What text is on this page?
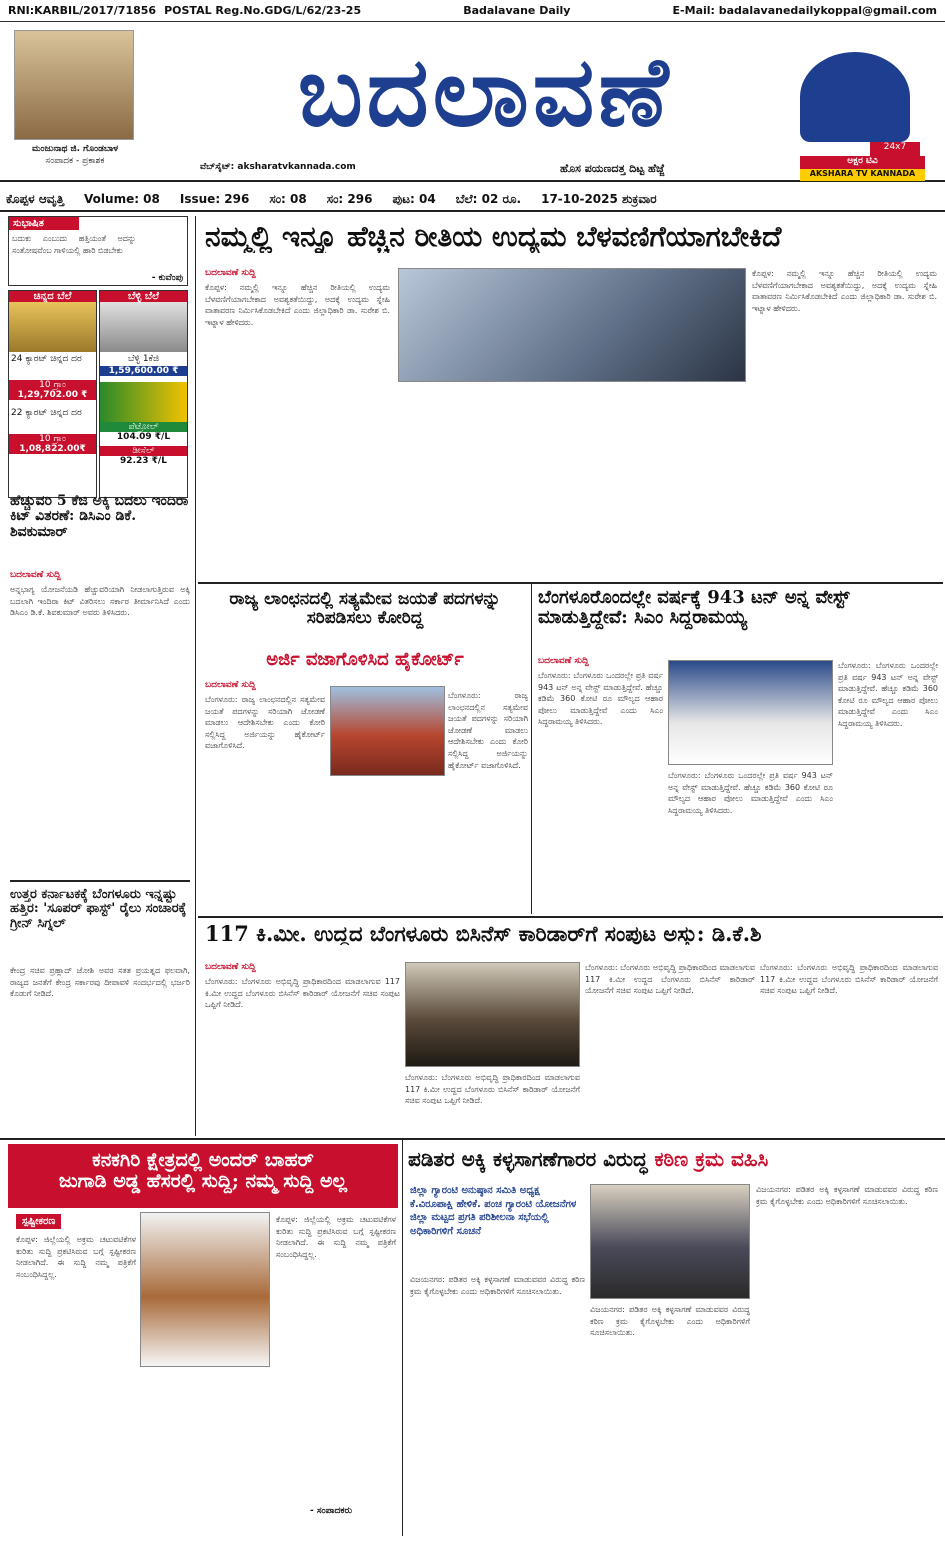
RNI:KARBIL/2017/71856 POSTAL Reg.No.GDG/L/62/23-25	Badalavane Daily	E-Mail: badalavanedailykoppal@gmail.com
ಮಂಜುನಾಥ ಜಿ. ಗೊಂಡಬಾಳ
ಸಂಪಾದಕ - ಪ್ರಕಾಶಕ
ಬದಲಾವಣೆ
ವೆಬ್‌ಸೈಟ್: aksharatvkannada.com	ಹೊಸ ಪಯಣದತ್ತ ದಿಟ್ಟ ಹೆಜ್ಜೆ
24x7
ಅಕ್ಷರ ಟಿವಿ
AKSHARA TV KANNADA
ಕೊಪ್ಪಳ ಆವೃತ್ತಿ Volume: 08 Issue: 296 ಸಂ: 08 ಸಂ: 296 ಪುಟ: 04 ಬೆಲೆ: 02 ರೂ. 17-10-2025 ಶುಕ್ರವಾರ
ಸುಭಾಷಿತ
ಬದುಕು ಎಂಬುದು ಹತ್ತಿಯಂತೆ ಅದನ್ನು ಸಂತೋಷವೆಂಬ ಗಾಳಿಯಲ್ಲಿ ಹಾರಿ ಬಿಡಬೇಕು
- ಕುವೆಂಪು
ಚಿನ್ನದ ಬೆಲೆ
24 ಕ್ಯಾರಟ್ ಚಿನ್ನದ ದರ
10 ಗ್ರಾಂ
1,29,702.00 ₹
22 ಕ್ಯಾರಟ್ ಚಿನ್ನದ ದರ
10 ಗ್ರಾಂ
1,08,822.00₹
ಬೆಳ್ಳಿ ಬೆಲೆ
ಬೆಳ್ಳಿ 1ಕೆಜಿ
1,59,600.00 ₹
ಪೆಟ್ರೋಲ್
104.09 ₹/L
ಡೀಸೆಲ್
92.23 ₹/L
ಹೆಚ್ಚುವರಿ 5 ಕೆಜಿ ಅಕ್ಕಿ ಬದಲು ಇಂದಿರಾ ಕಿಟ್ ವಿತರಣೆ: ಡಿಸಿಎಂ ಡಿಕೆ. ಶಿವಕುಮಾರ್
ಬದಲಾವಣೆ ಸುದ್ದಿ
ಅನ್ನಭಾಗ್ಯ ಯೋಜನೆಯಡಿ ಹೆಚ್ಚುವರಿಯಾಗಿ ನೀಡಲಾಗುತ್ತಿರುವ ಅಕ್ಕಿ ಬದಲಾಗಿ ಇಂದಿರಾ ಕಿಟ್ ವಿತರಿಸಲು ಸರ್ಕಾರ ತೀರ್ಮಾನಿಸಿದೆ ಎಂದು ಡಿಸಿಎಂ ಡಿ.ಕೆ. ಶಿವಕುಮಾರ್ ಅವರು ತಿಳಿಸಿದರು.
ಉತ್ತರ ಕರ್ನಾಟಕಕ್ಕೆ ಬೆಂಗಳೂರು ಇನ್ನಷ್ಟು ಹತ್ತಿರ: 'ಸೂಪರ್ ಫಾಸ್ಟ್' ರೈಲು ಸಂಚಾರಕ್ಕೆ ಗ್ರೀನ್ ಸಿಗ್ನಲ್
ಕೇಂದ್ರ ಸಚಿವ ಪ್ರಹ್ಲಾದ್ ಜೋಶಿ ಅವರ ಸತತ ಪ್ರಯತ್ನದ ಫಲವಾಗಿ, ರಾಜ್ಯದ ಜನತೆಗೆ ಕೇಂದ್ರ ಸರ್ಕಾರವು ದೀಪಾವಳಿ ಸಂದರ್ಭದಲ್ಲಿ ಭರ್ಜರಿ ಕೊಡುಗೆ ನೀಡಿದೆ.
ನಮ್ಮಲ್ಲಿ ಇನ್ನೂ ಹೆಚ್ಚಿನ ರೀತಿಯ ಉದ್ಯಮ ಬೆಳವಣಿಗೆಯಾಗಬೇಕಿದೆ
ಬದಲಾವಣೆ ಸುದ್ದಿ
ಕೊಪ್ಪಳ: ನಮ್ಮಲ್ಲಿ ಇನ್ನೂ ಹೆಚ್ಚಿನ ರೀತಿಯಲ್ಲಿ ಉದ್ಯಮ ಬೆಳವಣಿಗೆಯಾಗಬೇಕಾದ ಅವಶ್ಯಕತೆಯಿದ್ದು, ಅದಕ್ಕೆ ಉದ್ಯಮ ಸ್ನೇಹಿ ವಾತಾವರಣ ನಿರ್ಮಿಸಿಕೊಡಬೇಕಿದೆ ಎಂದು ಜಿಲ್ಲಾಧಿಕಾರಿ ಡಾ. ಸುರೇಶ ಬಿ. ಇಟ್ನಾಳ ಹೇಳಿದರು.
ಕೊಪ್ಪಳ: ನಮ್ಮಲ್ಲಿ ಇನ್ನೂ ಹೆಚ್ಚಿನ ರೀತಿಯಲ್ಲಿ ಉದ್ಯಮ ಬೆಳವಣಿಗೆಯಾಗಬೇಕಾದ ಅವಶ್ಯಕತೆಯಿದ್ದು, ಅದಕ್ಕೆ ಉದ್ಯಮ ಸ್ನೇಹಿ ವಾತಾವರಣ ನಿರ್ಮಿಸಿಕೊಡಬೇಕಿದೆ ಎಂದು ಜಿಲ್ಲಾಧಿಕಾರಿ ಡಾ. ಸುರೇಶ ಬಿ. ಇಟ್ನಾಳ ಹೇಳಿದರು.
ರಾಜ್ಯ ಲಾಂಛನದಲ್ಲಿ ಸತ್ಯಮೇವ ಜಯತೆ ಪದಗಳನ್ನು ಸರಿಪಡಿಸಲು ಕೋರಿದ್ದ
ಅರ್ಜಿ ವಜಾಗೊಳಿಸಿದ ಹೈಕೋರ್ಟ್
ಬದಲಾವಣೆ ಸುದ್ದಿ
ಬೆಂಗಳೂರು: ರಾಜ್ಯ ಲಾಂಛನದಲ್ಲಿನ ಸತ್ಯಮೇವ ಜಯತೆ ಪದಗಳನ್ನು ಸರಿಯಾಗಿ ಜೋಡಣೆ ಮಾಡಲು ಆದೇಶಿಸಬೇಕು ಎಂದು ಕೋರಿ ಸಲ್ಲಿಸಿದ್ದ ಅರ್ಜಿಯನ್ನು ಹೈಕೋರ್ಟ್ ವಜಾಗೊಳಿಸಿದೆ.
ಬೆಂಗಳೂರು: ರಾಜ್ಯ ಲಾಂಛನದಲ್ಲಿನ ಸತ್ಯಮೇವ ಜಯತೆ ಪದಗಳನ್ನು ಸರಿಯಾಗಿ ಜೋಡಣೆ ಮಾಡಲು ಆದೇಶಿಸಬೇಕು ಎಂದು ಕೋರಿ ಸಲ್ಲಿಸಿದ್ದ ಅರ್ಜಿಯನ್ನು ಹೈಕೋರ್ಟ್ ವಜಾಗೊಳಿಸಿದೆ.
ಬೆಂಗಳೂರೊಂದಲ್ಲೇ ವರ್ಷಕ್ಕೆ 943 ಟನ್ ಅನ್ನ ವೇಸ್ಟ್ ಮಾಡುತ್ತಿದ್ದೇವೆ: ಸಿಎಂ ಸಿದ್ದರಾಮಯ್ಯ
ಬದಲಾವಣೆ ಸುದ್ದಿ
ಬೆಂಗಳೂರು: ಬೆಂಗಳೂರು ಒಂದರಲ್ಲೇ ಪ್ರತಿ ವರ್ಷ 943 ಟನ್ ಅನ್ನ ವೇಸ್ಟ್ ಮಾಡುತ್ತಿದ್ದೇವೆ. ಹೆಚ್ಚೂ ಕಡಿಮೆ 360 ಕೋಟಿ ರೂ ಮೌಲ್ಯದ ಆಹಾರ ಪೋಲು ಮಾಡುತ್ತಿದ್ದೇವೆ ಎಂದು ಸಿಎಂ ಸಿದ್ದರಾಮಯ್ಯ ತಿಳಿಸಿದರು.
ಬೆಂಗಳೂರು: ಬೆಂಗಳೂರು ಒಂದರಲ್ಲೇ ಪ್ರತಿ ವರ್ಷ 943 ಟನ್ ಅನ್ನ ವೇಸ್ಟ್ ಮಾಡುತ್ತಿದ್ದೇವೆ. ಹೆಚ್ಚೂ ಕಡಿಮೆ 360 ಕೋಟಿ ರೂ ಮೌಲ್ಯದ ಆಹಾರ ಪೋಲು ಮಾಡುತ್ತಿದ್ದೇವೆ ಎಂದು ಸಿಎಂ ಸಿದ್ದರಾಮಯ್ಯ ತಿಳಿಸಿದರು.
ಬೆಂಗಳೂರು: ಬೆಂಗಳೂರು ಒಂದರಲ್ಲೇ ಪ್ರತಿ ವರ್ಷ 943 ಟನ್ ಅನ್ನ ವೇಸ್ಟ್ ಮಾಡುತ್ತಿದ್ದೇವೆ. ಹೆಚ್ಚೂ ಕಡಿಮೆ 360 ಕೋಟಿ ರೂ ಮೌಲ್ಯದ ಆಹಾರ ಪೋಲು ಮಾಡುತ್ತಿದ್ದೇವೆ ಎಂದು ಸಿಎಂ ಸಿದ್ದರಾಮಯ್ಯ ತಿಳಿಸಿದರು.
117 ಕಿ.ಮೀ. ಉದ್ದದ ಬೆಂಗಳೂರು ಬಿಸಿನೆಸ್ ಕಾರಿಡಾರ್‌ಗೆ ಸಂಪುಟ ಅಸ್ತು: ಡಿ.ಕೆ.ಶಿ
ಬದಲಾವಣೆ ಸುದ್ದಿ
ಬೆಂಗಳೂರು: ಬೆಂಗಳೂರು ಅಭಿವೃದ್ಧಿ ಪ್ರಾಧಿಕಾರದಿಂದ ಮಾಡಲಾಗುವ 117 ಕಿ.ಮೀ ಉದ್ದದ ಬೆಂಗಳೂರು ಬಿಸಿನೆಸ್ ಕಾರಿಡಾರ್ ಯೋಜನೆಗೆ ಸಚಿವ ಸಂಪುಟ ಒಪ್ಪಿಗೆ ನೀಡಿದೆ.
ಬೆಂಗಳೂರು: ಬೆಂಗಳೂರು ಅಭಿವೃದ್ಧಿ ಪ್ರಾಧಿಕಾರದಿಂದ ಮಾಡಲಾಗುವ 117 ಕಿ.ಮೀ ಉದ್ದದ ಬೆಂಗಳೂರು ಬಿಸಿನೆಸ್ ಕಾರಿಡಾರ್ ಯೋಜನೆಗೆ ಸಚಿವ ಸಂಪುಟ ಒಪ್ಪಿಗೆ ನೀಡಿದೆ.
ಬೆಂಗಳೂರು: ಬೆಂಗಳೂರು ಅಭಿವೃದ್ಧಿ ಪ್ರಾಧಿಕಾರದಿಂದ ಮಾಡಲಾಗುವ 117 ಕಿ.ಮೀ ಉದ್ದದ ಬೆಂಗಳೂರು ಬಿಸಿನೆಸ್ ಕಾರಿಡಾರ್ ಯೋಜನೆಗೆ ಸಚಿವ ಸಂಪುಟ ಒಪ್ಪಿಗೆ ನೀಡಿದೆ.
ಬೆಂಗಳೂರು: ಬೆಂಗಳೂರು ಅಭಿವೃದ್ಧಿ ಪ್ರಾಧಿಕಾರದಿಂದ ಮಾಡಲಾಗುವ 117 ಕಿ.ಮೀ ಉದ್ದದ ಬೆಂಗಳೂರು ಬಿಸಿನೆಸ್ ಕಾರಿಡಾರ್ ಯೋಜನೆಗೆ ಸಚಿವ ಸಂಪುಟ ಒಪ್ಪಿಗೆ ನೀಡಿದೆ.
ಕನಕಗಿರಿ ಕ್ಷೇತ್ರದಲ್ಲಿ ಅಂದರ್ ಬಾಹರ್
ಜುಗಾಡಿ ಅಡ್ಡ ಹೆಸರಲ್ಲಿ ಸುದ್ದಿ; ನಮ್ಮ ಸುದ್ದಿ ಅಲ್ಲ
ಸ್ಪಷ್ಟೀಕರಣ
ಕೊಪ್ಪಳ: ಜಿಲ್ಲೆಯಲ್ಲಿ ಅಕ್ರಮ ಚಟುವಟಿಕೆಗಳ ಕುರಿತು ಸುದ್ದಿ ಪ್ರಕಟಿಸಿರುವ ಬಗ್ಗೆ ಸ್ಪಷ್ಟೀಕರಣ ನೀಡಲಾಗಿದೆ. ಈ ಸುದ್ದಿ ನಮ್ಮ ಪತ್ರಿಕೆಗೆ ಸಂಬಂಧಿಸಿದ್ದಲ್ಲ.
ಕೊಪ್ಪಳ: ಜಿಲ್ಲೆಯಲ್ಲಿ ಅಕ್ರಮ ಚಟುವಟಿಕೆಗಳ ಕುರಿತು ಸುದ್ದಿ ಪ್ರಕಟಿಸಿರುವ ಬಗ್ಗೆ ಸ್ಪಷ್ಟೀಕರಣ ನೀಡಲಾಗಿದೆ. ಈ ಸುದ್ದಿ ನಮ್ಮ ಪತ್ರಿಕೆಗೆ ಸಂಬಂಧಿಸಿದ್ದಲ್ಲ.
- ಸಂಪಾದಕರು
ಪಡಿತರ ಅಕ್ಕಿ ಕಳ್ಳಸಾಗಣೆಗಾರರ ವಿರುದ್ಧ ಕಠಿಣ ಕ್ರಮ ವಹಿಸಿ
ಜಿಲ್ಲಾ ಗ್ಯಾರಂಟಿ ಅನುಷ್ಠಾನ ಸಮಿತಿ ಅಧ್ಯಕ್ಷ ಕೆ.ವಿರೂಪಾಕ್ಷಿ ಹೇಳಿಕೆ. ಪಂಚ ಗ್ಯಾರಂಟಿ ಯೋಜನೆಗಳ ಜಿಲ್ಲಾ ಮಟ್ಟದ ಪ್ರಗತಿ ಪರಿಶೀಲನಾ ಸಭೆಯಲ್ಲಿ ಅಧಿಕಾರಿಗಳಿಗೆ ಸೂಚನೆ
ವಿಜಯನಗರ: ಪಡಿತರ ಅಕ್ಕಿ ಕಳ್ಳಸಾಗಣೆ ಮಾಡುವವರ ವಿರುದ್ಧ ಕಠಿಣ ಕ್ರಮ ಕೈಗೊಳ್ಳಬೇಕು ಎಂದು ಅಧಿಕಾರಿಗಳಿಗೆ ಸೂಚಿಸಲಾಯಿತು.
ವಿಜಯನಗರ: ಪಡಿತರ ಅಕ್ಕಿ ಕಳ್ಳಸಾಗಣೆ ಮಾಡುವವರ ವಿರುದ್ಧ ಕಠಿಣ ಕ್ರಮ ಕೈಗೊಳ್ಳಬೇಕು ಎಂದು ಅಧಿಕಾರಿಗಳಿಗೆ ಸೂಚಿಸಲಾಯಿತು.
ವಿಜಯನಗರ: ಪಡಿತರ ಅಕ್ಕಿ ಕಳ್ಳಸಾಗಣೆ ಮಾಡುವವರ ವಿರುದ್ಧ ಕಠಿಣ ಕ್ರಮ ಕೈಗೊಳ್ಳಬೇಕು ಎಂದು ಅಧಿಕಾರಿಗಳಿಗೆ ಸೂಚಿಸಲಾಯಿತು.
